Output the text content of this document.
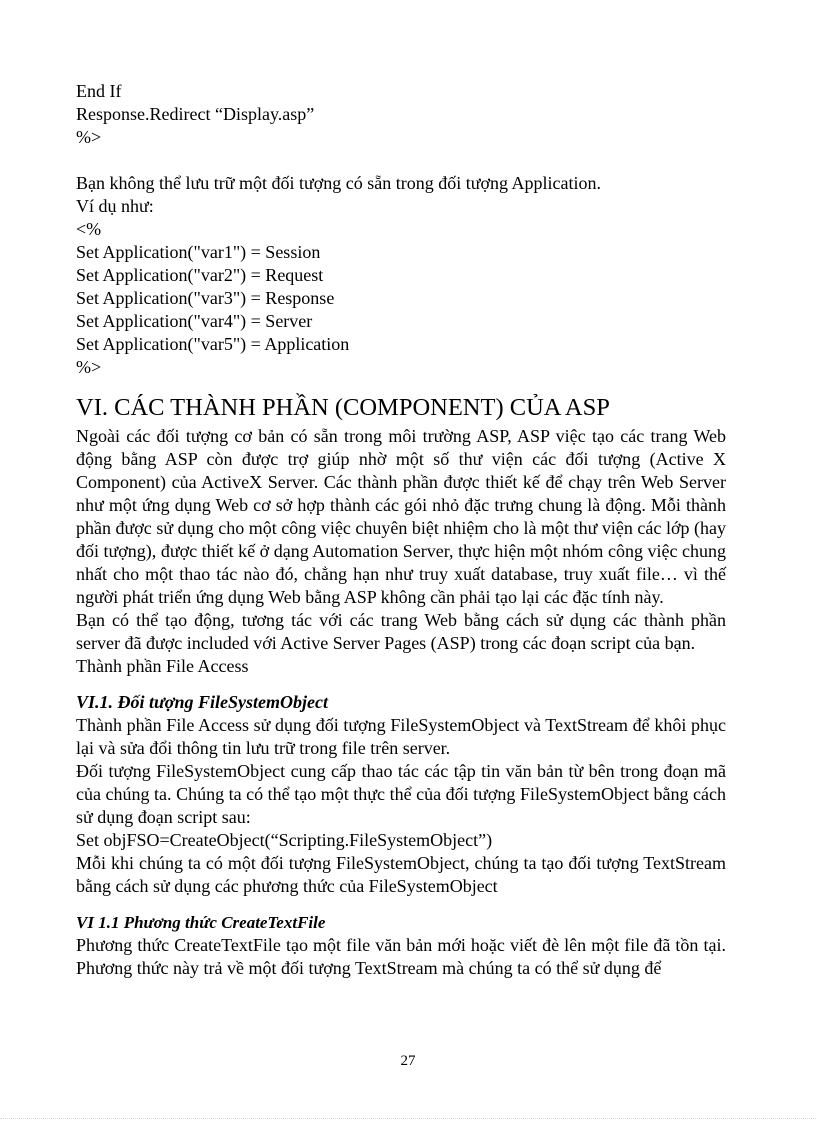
End If
Response.Redirect “Display.asp”
%>
Bạn không thể lưu trữ một đối tượng có sẵn trong đối tượng Application.
Ví dụ như:
<%
Set Application("var1") = Session
Set Application("var2") = Request
Set Application("var3") = Response
Set Application("var4") = Server
Set Application("var5") = Application
%>
VI. CÁC THÀNH PHẦN (COMPONENT) CỦA ASP

Ngoài các đối tượng cơ bản có sẵn trong môi trường ASP, ASP việc tạo các trang Web động bằng ASP còn được trợ giúp nhờ một số thư viện các đối tượng (Active X Component) của ActiveX Server. Các thành phần được thiết kế để chạy trên Web Server như một ứng dụng Web cơ sở hợp thành các gói nhỏ đặc trưng chung là động. Mỗi thành phần được sử dụng cho một công việc chuyên biệt nhiệm cho là một thư viện các lớp (hay đối tượng), được thiết kế ở dạng Automation Server, thực hiện một nhóm công việc chung nhất cho một thao tác nào đó, chẳng hạn như truy xuất database, truy xuất file… vì thế người phát triển ứng dụng Web bằng ASP không cần phải tạo lại các đặc tính này.

Bạn có thể tạo động, tương tác với các trang Web bằng cách sử dụng các thành phần server đã được included với Active Server Pages (ASP) trong các đoạn script của bạn.

Thành phần File Access
VI.1. Đối tượng FileSystemObject

Thành phần File Access sử dụng đối tượng FileSystemObject và TextStream để khôi phục lại và sửa đổi thông tin lưu trữ trong file trên server.

Đối tượng FileSystemObject cung cấp thao tác các tập tin văn bản từ bên trong đoạn mã của chúng ta. Chúng ta có thể tạo một thực thể của đối tượng FileSystemObject bằng cách sử dụng đoạn script sau:

Set objFSO=CreateObject(“Scripting.FileSystemObject”)

Mỗi khi chúng ta có một đối tượng FileSystemObject, chúng ta tạo đối tượng TextStream bằng cách sử dụng các phương thức của FileSystemObject

VI 1.1 Phương thức CreateTextFile

Phương thức CreateTextFile tạo một file văn bản mới hoặc viết đè lên một file đã tồn tại. Phương thức này trả về một đối tượng TextStream mà chúng ta có thể sử dụng để

27
